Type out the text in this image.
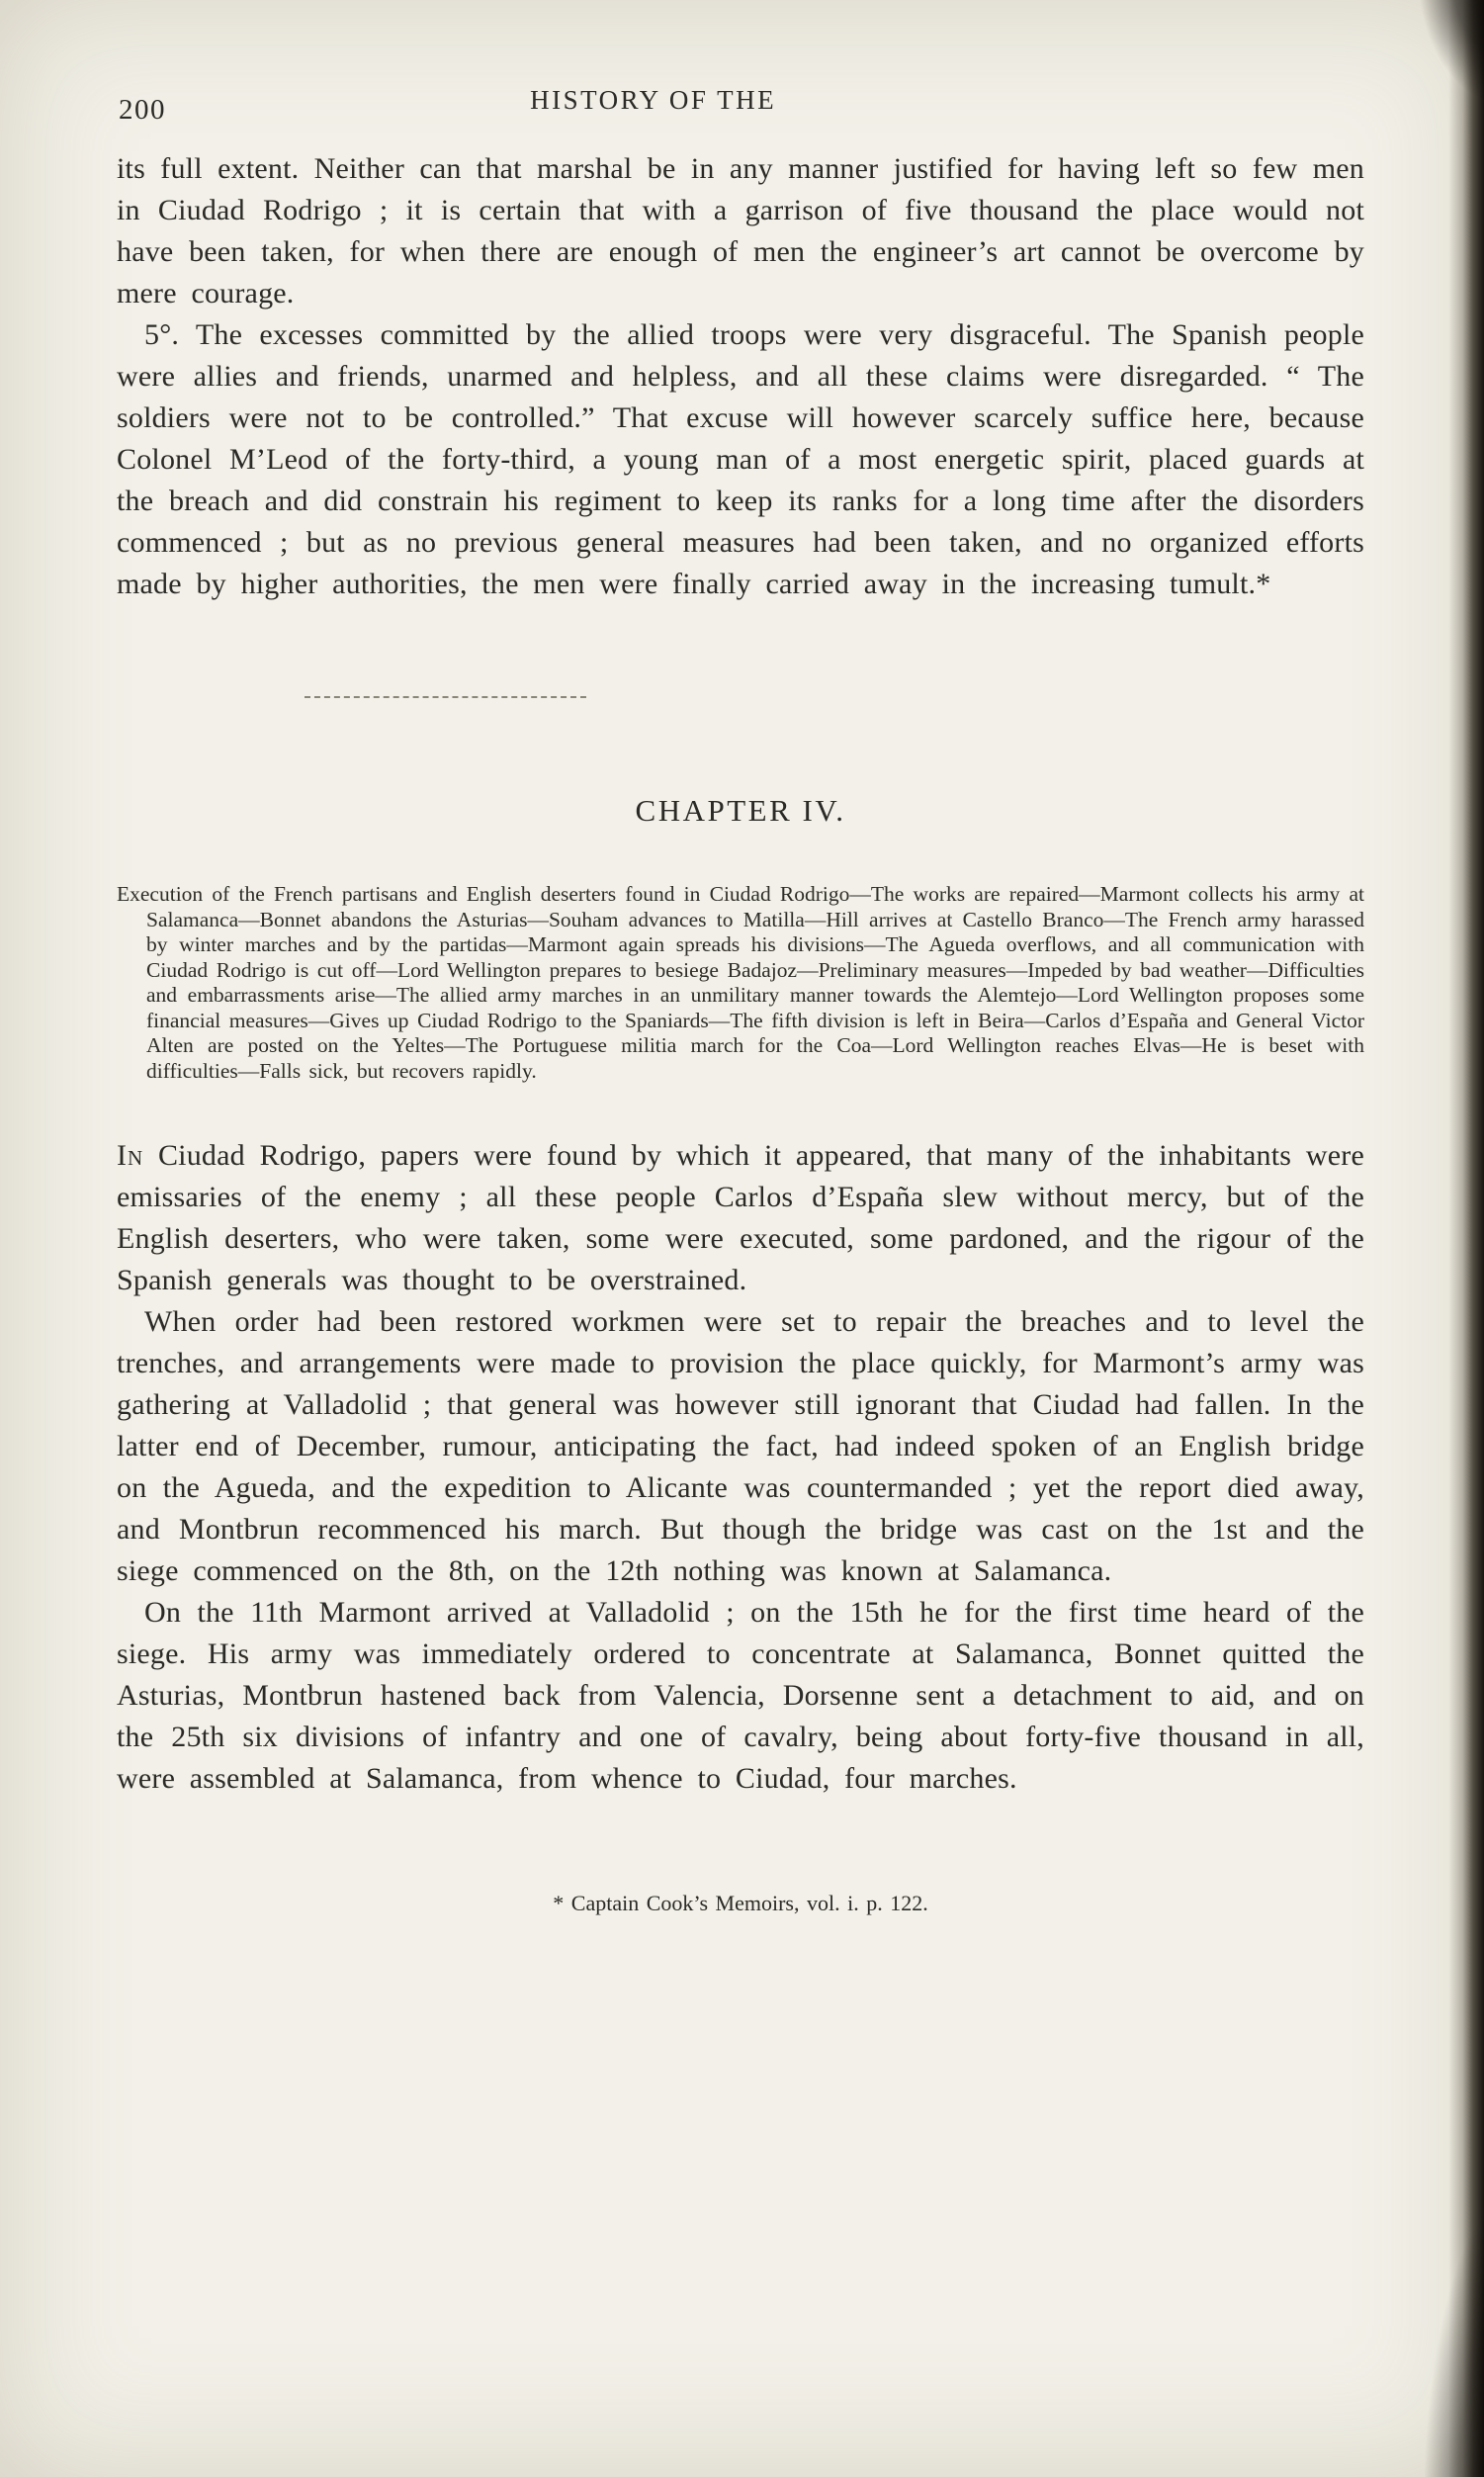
200	HISTORY OF THE

its full extent. Neither can that marshal be in any manner justified for having left so few men in Ciudad Rodrigo ; it is certain that with a garrison of five thousand the place would not have been taken, for when there are enough of men the engineer’s art cannot be overcome by mere courage.

5°. The excesses committed by the allied troops were very disgraceful. The Spanish people were allies and friends, unarmed and helpless, and all these claims were disregarded. “ The soldiers were not to be controlled.” That excuse will however scarcely suffice here, because Colonel M’Leod of the forty-third, a young man of a most energetic spirit, placed guards at the breach and did constrain his regiment to keep its ranks for a long time after the disorders commenced ; but as no previous general measures had been taken, and no organized efforts made by higher authorities, the men were finally carried away in the increasing tumult.*

CHAPTER IV.

Execution of the French partisans and English deserters found in Ciudad Rodrigo—The works are repaired—Marmont collects his army at Salamanca—Bonnet abandons the Asturias—Souham advances to Matilla—Hill arrives at Castello Branco—The French army harassed by winter marches and by the partidas—Marmont again spreads his divisions—The Agueda overflows, and all communication with Ciudad Rodrigo is cut off—Lord Wellington prepares to besiege Badajoz—Preliminary measures—Impeded by bad weather—Difficulties and embarrassments arise—The allied army marches in an unmilitary manner towards the Alemtejo—Lord Wellington proposes some financial measures—Gives up Ciudad Rodrigo to the Spaniards—The fifth division is left in Beira—Carlos d’España and General Victor Alten are posted on the Yeltes—The Portuguese militia march for the Coa—Lord Wellington reaches Elvas—He is beset with difficulties—Falls sick, but recovers rapidly.

In Ciudad Rodrigo, papers were found by which it appeared, that many of the inhabitants were emissaries of the enemy ; all these people Carlos d’España slew without mercy, but of the English deserters, who were taken, some were executed, some pardoned, and the rigour of the Spanish generals was thought to be overstrained.

When order had been restored workmen were set to repair the breaches and to level the trenches, and arrangements were made to provision the place quickly, for Marmont’s army was gathering at Valladolid ; that general was however still ignorant that Ciudad had fallen. In the latter end of December, rumour, anticipating the fact, had indeed spoken of an English bridge on the Agueda, and the expedition to Alicante was countermanded ; yet the report died away, and Montbrun recommenced his march. But though the bridge was cast on the 1st and the siege commenced on the 8th, on the 12th nothing was known at Salamanca.

On the 11th Marmont arrived at Valladolid ; on the 15th he for the first time heard of the siege. His army was immediately ordered to concentrate at Salamanca, Bonnet quitted the Asturias, Montbrun hastened back from Valencia, Dorsenne sent a detachment to aid, and on the 25th six divisions of infantry and one of cavalry, being about forty-five thousand in all, were assembled at Salamanca, from whence to Ciudad, four marches.

* Captain Cook’s Memoirs, vol. i. p. 122.
